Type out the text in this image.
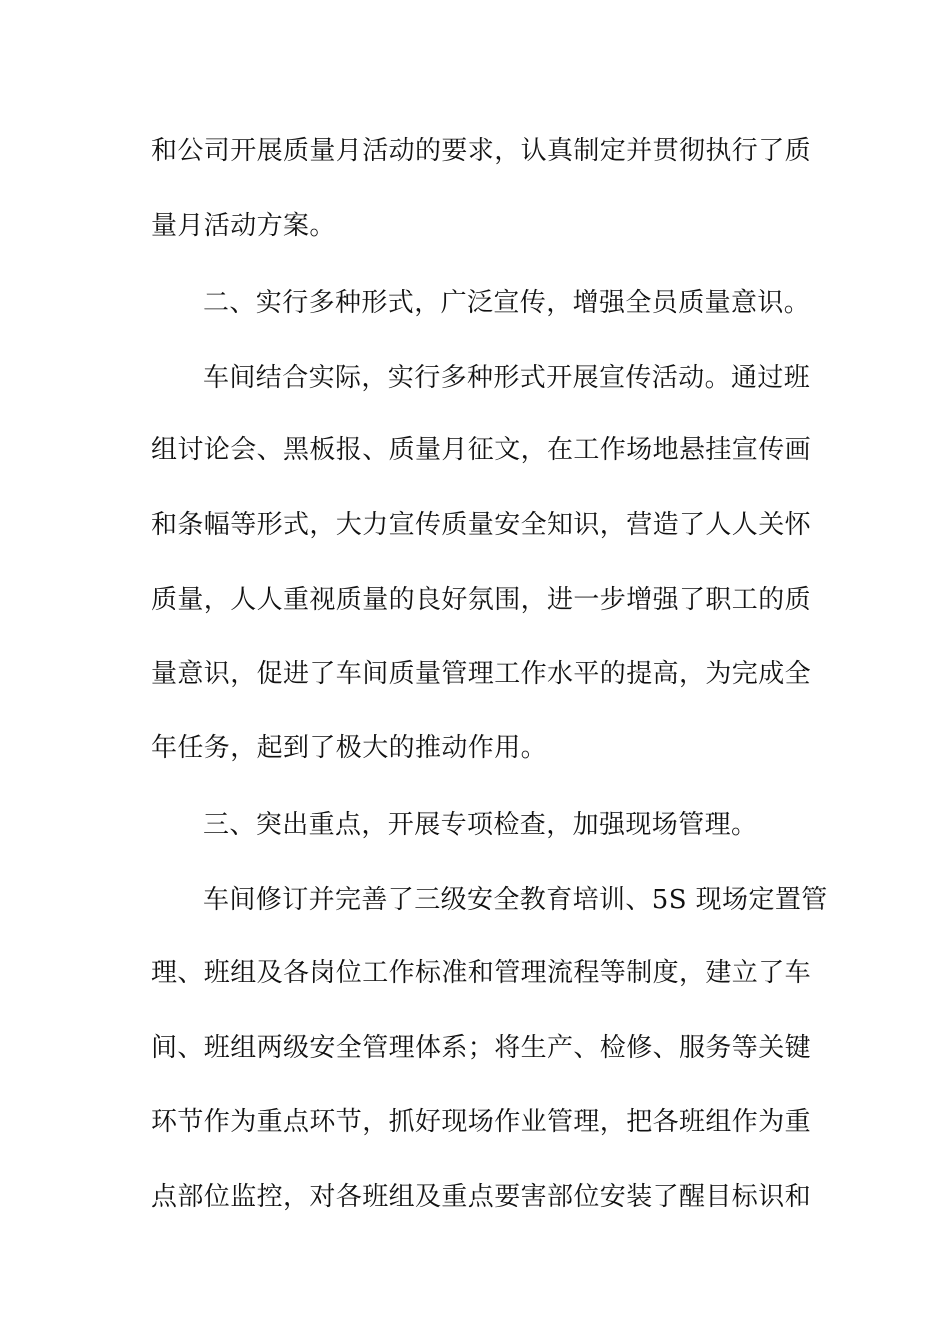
和公司开展质量月活动的要求，认真制定并贯彻执行了质
量月活动方案。
二、实行多种形式，广泛宣传，增强全员质量意识。
车间结合实际，实行多种形式开展宣传活动。通过班
组讨论会、黑板报、质量月征文，在工作场地悬挂宣传画
和条幅等形式，大力宣传质量安全知识，营造了人人关怀
质量，人人重视质量的良好氛围，进一步增强了职工的质
量意识，促进了车间质量管理工作水平的提高，为完成全
年任务，起到了极大的推动作用。
三、突出重点，开展专项检查，加强现场管理。
车间修订并完善了三级安全教育培训、5S 现场定置管
理、班组及各岗位工作标准和管理流程等制度，建立了车
间、班组两级安全管理体系；将生产、检修、服务等关键
环节作为重点环节，抓好现场作业管理，把各班组作为重
点部位监控，对各班组及重点要害部位安装了醒目标识和
